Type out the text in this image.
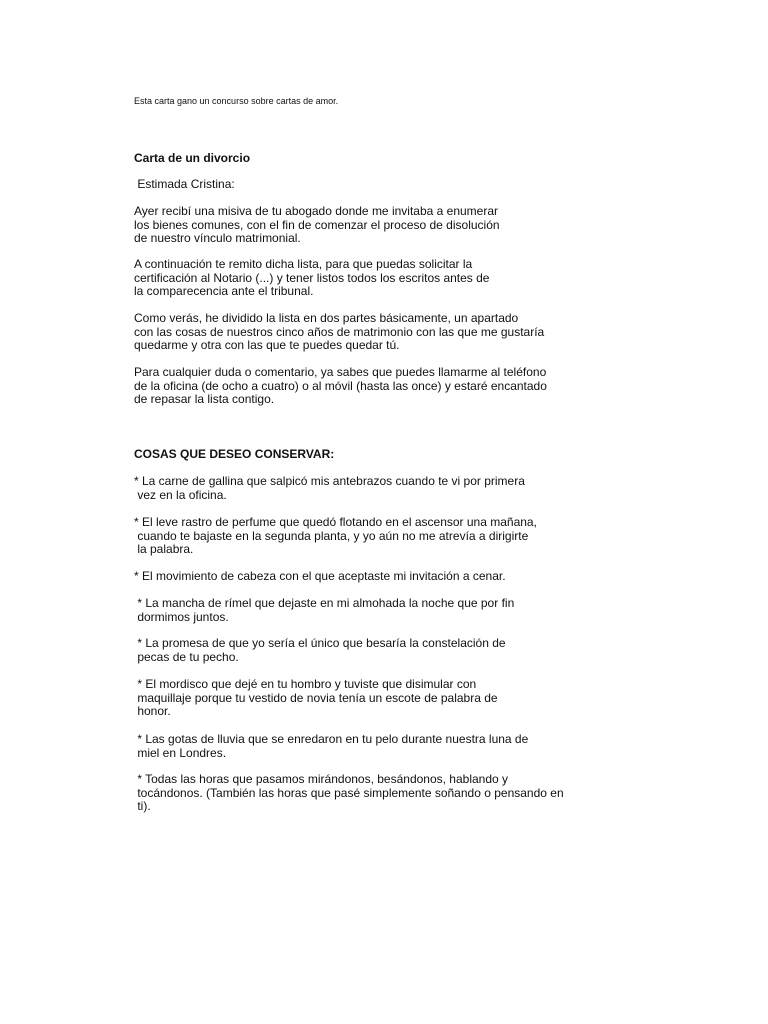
Esta carta gano un concurso sobre cartas de amor.
Carta de un divorcio

Estimada Cristina:

Ayer recibí una misiva de tu abogado donde me invitaba a enumerar
los bienes comunes, con el fin de comenzar el proceso de disolución
de nuestro vínculo matrimonial.

A continuación te remito dicha lista, para que puedas solicitar la
certificación al Notario (...) y tener listos todos los escritos antes de
la comparecencia ante el tribunal.

Como verás, he dividido la lista en dos partes básicamente, un apartado
con las cosas de nuestros cinco años de matrimonio con las que me gustaría
quedarme y otra con las que te puedes quedar tú.

Para cualquier duda o comentario, ya sabes que puedes llamarme al teléfono
de la oficina (de ocho a cuatro) o al móvil (hasta las once) y estaré encantado
de repasar la lista contigo.

COSAS QUE DESEO CONSERVAR:

* La carne de gallina que salpicó mis antebrazos cuando te vi por primera
vez en la oficina.

* El leve rastro de perfume que quedó flotando en el ascensor una mañana,
cuando te bajaste en la segunda planta, y yo aún no me atrevía a dirigirte
la palabra.

* El movimiento de cabeza con el que aceptaste mi invitación a cenar.

* La mancha de rímel que dejaste en mi almohada la noche que por fin
dormimos juntos.

* La promesa de que yo sería el único que besaría la constelación de
pecas de tu pecho.

* El mordisco que dejé en tu hombro y tuviste que disimular con
maquillaje porque tu vestido de novia tenía un escote de palabra de
honor.

* Las gotas de lluvia que se enredaron en tu pelo durante nuestra luna de
miel en Londres.

* Todas las horas que pasamos mirándonos, besándonos, hablando y
tocándonos. (También las horas que pasé simplemente soñando o pensando en
ti).
